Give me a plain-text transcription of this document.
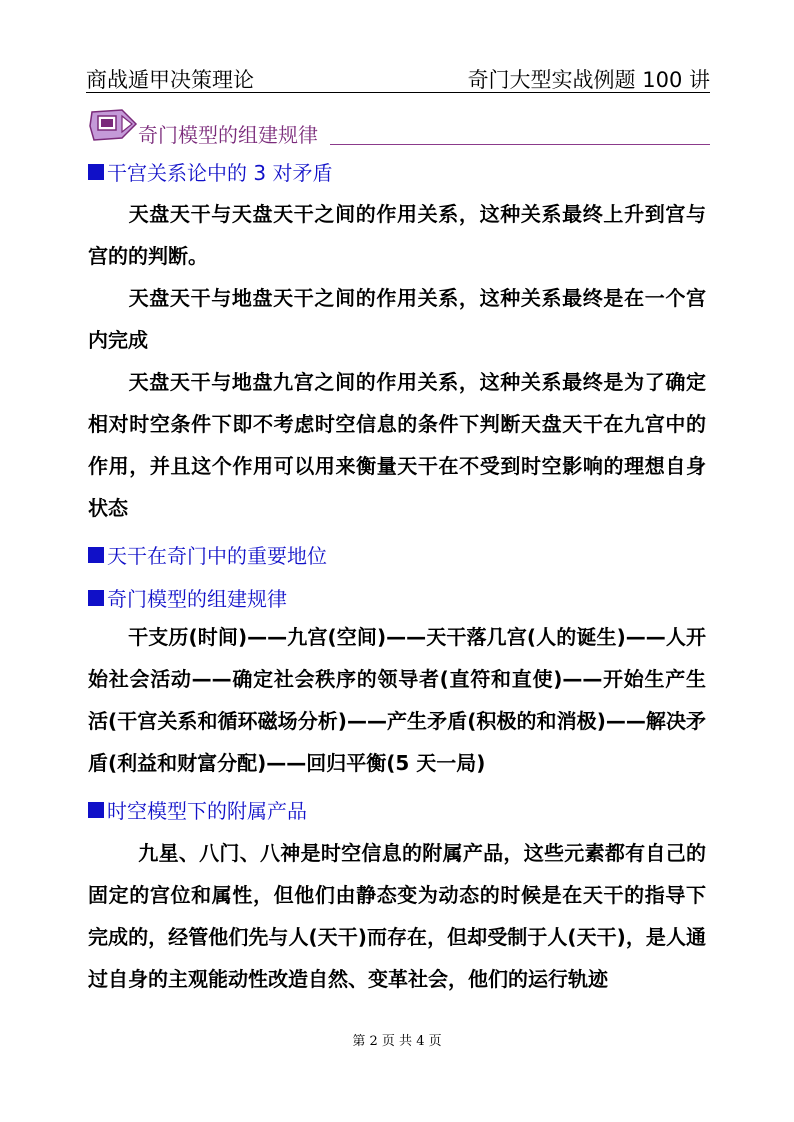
商战遁甲决策理论	奇门大型实战例题 100 讲
奇门模型的组建规律
干宫关系论中的 3 对矛盾

天盘天干与天盘天干之间的作用关系，这种关系最终上升到宫与宫的的判断。

天盘天干与地盘天干之间的作用关系，这种关系最终是在一个宫内完成

天盘天干与地盘九宫之间的作用关系，这种关系最终是为了确定相对时空条件下即不考虑时空信息的条件下判断天盘天干在九宫中的作用，并且这个作用可以用来衡量天干在不受到时空影响的理想自身状态

天干在奇门中的重要地位
奇门模型的组建规律

干支历(时间)——九宫(空间)——天干落几宫(人的诞生)——人开始社会活动——确定社会秩序的领导者(直符和直使)——开始生产生活(干宫关系和循环磁场分析)——产生矛盾(积极的和消极)——解决矛盾(利益和财富分配)——回归平衡(5 天一局)

时空模型下的附属产品

九星、八门、八神是时空信息的附属产品，这些元素都有自己的固定的宫位和属性，但他们由静态变为动态的时候是在天干的指导下完成的，经管他们先与人(天干)而存在，但却受制于人(天干)，是人通过自身的主观能动性改造自然、变革社会，他们的运行轨迹

第 2 页 共 4 页
